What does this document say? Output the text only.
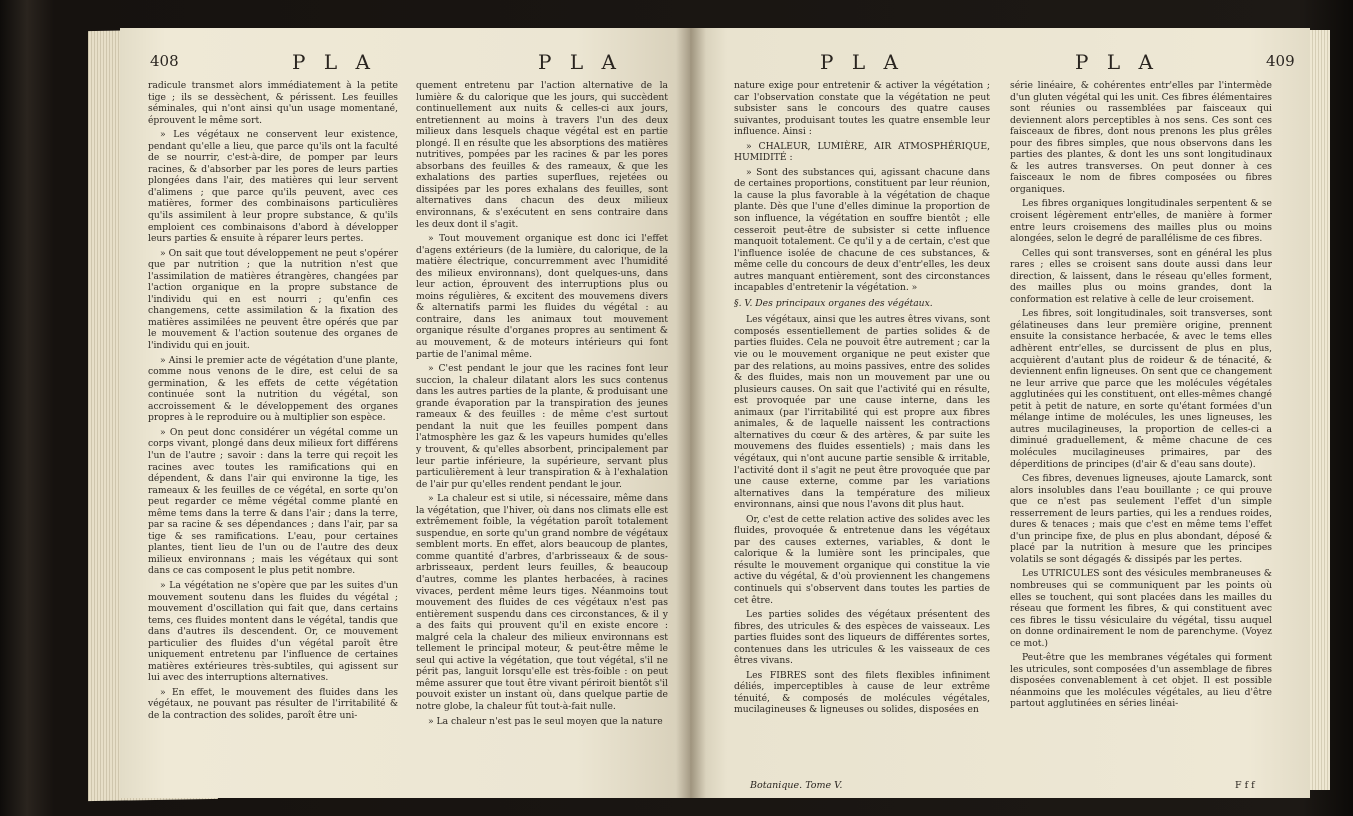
408	P L A	P L A

radicule transmet alors immédiatement à la petite tige ; ils se dessèchent, & périssent. Les feuilles séminales, qui n'ont ainsi qu'un usage momentané, éprouvent le même sort.

» Les végétaux ne conservent leur existence, pendant qu'elle a lieu, que parce qu'ils ont la faculté de se nourrir, c'est-à-dire, de pomper par leurs racines, & d'absorber par les pores de leurs parties plongées dans l'air, des matières qui leur servent d'alimens ; que parce qu'ils peuvent, avec ces matières, former des combinaisons particulières qu'ils assimilent à leur propre substance, & qu'ils emploient ces combinaisons d'abord à développer leurs parties & ensuite à réparer leurs pertes.

» On sait que tout développement ne peut s'opérer que par nutrition ; que la nutrition n'est que l'assimilation de matières étrangères, changées par l'action organique en la propre substance de l'individu qui en est nourri ; qu'enfin ces changemens, cette assimilation & la fixation des matières assimilées ne peuvent être opérés que par le mouvement & l'action soutenue des organes de l'individu qui en jouit.

» Ainsi le premier acte de végétation d'une plante, comme nous venons de le dire, est celui de sa germination, & les effets de cette végétation continuée sont la nutrition du végétal, son accroissement & le développement des organes propres à le reproduire ou à multiplier son espèce.

» On peut donc considérer un végétal comme un corps vivant, plongé dans deux milieux fort différens l'un de l'autre ; savoir : dans la terre qui reçoit les racines avec toutes les ramifications qui en dépendent, & dans l'air qui environne la tige, les rameaux & les feuilles de ce végétal, en sorte qu'on peut regarder ce même végétal comme planté en même tems dans la terre & dans l'air ; dans la terre, par sa racine & ses dépendances ; dans l'air, par sa tige & ses ramifications. L'eau, pour certaines plantes, tient lieu de l'un ou de l'autre des deux milieux environnans ; mais les végétaux qui sont dans ce cas composent le plus petit nombre.

» La végétation ne s'opère que par les suites d'un mouvement soutenu dans les fluides du végétal ; mouvement d'oscillation qui fait que, dans certains tems, ces fluides montent dans le végétal, tandis que dans d'autres ils descendent. Or, ce mouvement particulier des fluides d'un végétal paroît être uniquement entretenu par l'influence de certaines matières extérieures très-subtiles, qui agissent sur lui avec des interruptions alternatives.

» En effet, le mouvement des fluides dans les végétaux, ne pouvant pas résulter de l'irritabilité & de la contraction des solides, paroît être uni-

quement entretenu par l'action alternative de la lumière & du calorique que les jours, qui succèdent continuellement aux nuits & celles-ci aux jours, entretiennent au moins à travers l'un des deux milieux dans lesquels chaque végétal est en partie plongé. Il en résulte que les absorptions des matières nutritives, pompées par les racines & par les pores absorbans des feuilles & des rameaux, & que les exhalations des parties superflues, rejetées ou dissipées par les pores exhalans des feuilles, sont alternatives dans chacun des deux milieux environnans, & s'exécutent en sens contraire dans les deux dont il s'agit.

» Tout mouvement organique est donc ici l'effet d'agens extérieurs (de la lumière, du calorique, de la matière électrique, concurremment avec l'humidité des milieux environnans), dont quelques-uns, dans leur action, éprouvent des interruptions plus ou moins régulières, & excitent des mouvemens divers & alternatifs parmi les fluides du végétal : au contraire, dans les animaux tout mouvement organique résulte d'organes propres au sentiment & au mouvement, & de moteurs intérieurs qui font partie de l'animal même.

» C'est pendant le jour que les racines font leur succion, la chaleur dilatant alors les sucs contenus dans les autres parties de la plante, & produisant une grande évaporation par la transpiration des jeunes rameaux & des feuilles : de même c'est surtout pendant la nuit que les feuilles pompent dans l'atmosphère les gaz & les vapeurs humides qu'elles y trouvent, & qu'elles absorbent, principalement par leur partie inférieure, la supérieure, servant plus particulièrement à leur transpiration & à l'exhalation de l'air pur qu'elles rendent pendant le jour.

» La chaleur est si utile, si nécessaire, même dans la végétation, que l'hiver, où dans nos climats elle est extrêmement foible, la végétation paroît totalement suspendue, en sorte qu'un grand nombre de végétaux semblent morts. En effet, alors beaucoup de plantes, comme quantité d'arbres, d'arbrisseaux & de sous-arbrisseaux, perdent leurs feuilles, & beaucoup d'autres, comme les plantes herbacées, à racines vivaces, perdent même leurs tiges. Néanmoins tout mouvement des fluides de ces végétaux n'est pas entièrement suspendu dans ces circonstances, & il y a des faits qui prouvent qu'il en existe encore : malgré cela la chaleur des milieux environnans est tellement le principal moteur, & peut-être même le seul qui active la végétation, que tout végétal, s'il ne périt pas, languit lorsqu'elle est très-foible : on peut même assurer que tout être vivant périroit bientôt s'il pouvoit exister un instant où, dans quelque partie de notre globe, la chaleur fût tout-à-fait nulle.

» La chaleur n'est pas le seul moyen que la nature

P L A	P L A	409

nature exige pour entretenir & activer la végétation ; car l'observation constate que la végétation ne peut subsister sans le concours des quatre causes suivantes, produisant toutes les quatre ensemble leur influence. Ainsi :

» CHALEUR, LUMIÈRE, AIR ATMOSPHÉRIQUE, HUMIDITÉ :

» Sont des substances qui, agissant chacune dans de certaines proportions, constituent par leur réunion, la cause la plus favorable à la végétation de chaque plante. Dès que l'une d'elles diminue la proportion de son influence, la végétation en souffre bientôt ; elle cesseroit peut-être de subsister si cette influence manquoit totalement. Ce qu'il y a de certain, c'est que l'influence isolée de chacune de ces substances, & même celle du concours de deux d'entr'elles, les deux autres manquant entièrement, sont des circonstances incapables d'entretenir la végétation. »

§. V. Des principaux organes des végétaux.

Les végétaux, ainsi que les autres êtres vivans, sont composés essentiellement de parties solides & de parties fluides. Cela ne pouvoit être autrement ; car la vie ou le mouvement organique ne peut exister que par des relations, au moins passives, entre des solides & des fluides, mais non un mouvement par une ou plusieurs causes. On sait que l'activité qui en résulte, est provoquée par une cause interne, dans les animaux (par l'irritabilité qui est propre aux fibres animales, & de laquelle naissent les contractions alternatives du cœur & des artères, & par suite les mouvemens des fluides essentiels) ; mais dans les végétaux, qui n'ont aucune partie sensible & irritable, l'activité dont il s'agit ne peut être provoquée que par une cause externe, comme par les variations alternatives dans la température des milieux environnans, ainsi que nous l'avons dit plus haut.

Or, c'est de cette relation active des solides avec les fluides, provoquée & entretenue dans les végétaux par des causes externes, variables, & dont le calorique & la lumière sont les principales, que résulte le mouvement organique qui constitue la vie active du végétal, & d'où proviennent les changemens continuels qui s'observent dans toutes les parties de cet être.

Les parties solides des végétaux présentent des fibres, des utricules & des espèces de vaisseaux. Les parties fluides sont des liqueurs de différentes sortes, contenues dans les utricules & les vaisseaux de ces êtres vivans.

Les FIBRES sont des filets flexibles infiniment déliés, imperceptibles à cause de leur extrême ténuité, & composés de molécules végétales, mucilagineuses & ligneuses ou solides, disposées en

série linéaire, & cohérentes entr'elles par l'intermède d'un gluten végétal qui les unit. Ces fibres élémentaires sont réunies ou rassemblées par faisceaux qui deviennent alors perceptibles à nos sens. Ces sont ces faisceaux de fibres, dont nous prenons les plus grêles pour des fibres simples, que nous observons dans les parties des plantes, & dont les uns sont longitudinaux & les autres transverses. On peut donner à ces faisceaux le nom de fibres composées ou fibres organiques.

Les fibres organiques longitudinales serpentent & se croisent légèrement entr'elles, de manière à former entre leurs croisemens des mailles plus ou moins alongées, selon le degré de parallélisme de ces fibres.

Celles qui sont transverses, sont en général les plus rares ; elles se croisent sans doute aussi dans leur direction, & laissent, dans le réseau qu'elles forment, des mailles plus ou moins grandes, dont la conformation est relative à celle de leur croisement.

Les fibres, soit longitudinales, soit transverses, sont gélatineuses dans leur première origine, prennent ensuite la consistance herbacée, & avec le tems elles adhèrent entr'elles, se durcissent de plus en plus, acquièrent d'autant plus de roideur & de ténacité, & deviennent enfin ligneuses. On sent que ce changement ne leur arrive que parce que les molécules végétales agglutinées qui les constituent, ont elles-mêmes changé petit à petit de nature, en sorte qu'étant formées d'un mélange intime de molécules, les unes ligneuses, les autres mucilagineuses, la proportion de celles-ci a diminué graduellement, & même chacune de ces molécules mucilagineuses primaires, par des déperditions de principes (d'air & d'eau sans doute).

Ces fibres, devenues ligneuses, ajoute Lamarck, sont alors insolubles dans l'eau bouillante ; ce qui prouve que ce n'est pas seulement l'effet d'un simple resserrement de leurs parties, qui les a rendues roides, dures & tenaces ; mais que c'est en même tems l'effet d'un principe fixe, de plus en plus abondant, déposé & placé par la nutrition à mesure que les principes volatils se sont dégagés & dissipés par les pertes.

Les UTRICULES sont des vésicules membraneuses & nombreuses qui se communiquent par les points où elles se touchent, qui sont placées dans les mailles du réseau que forment les fibres, & qui constituent avec ces fibres le tissu vésiculaire du végétal, tissu auquel on donne ordinairement le nom de parenchyme. (Voyez ce mot.)

Peut-être que les membranes végétales qui forment les utricules, sont composées d'un assemblage de fibres disposées convenablement à cet objet. Il est possible néanmoins que les molécules végétales, au lieu d'être partout agglutinées en séries linéai-

Botanique. Tome V.	F f f
